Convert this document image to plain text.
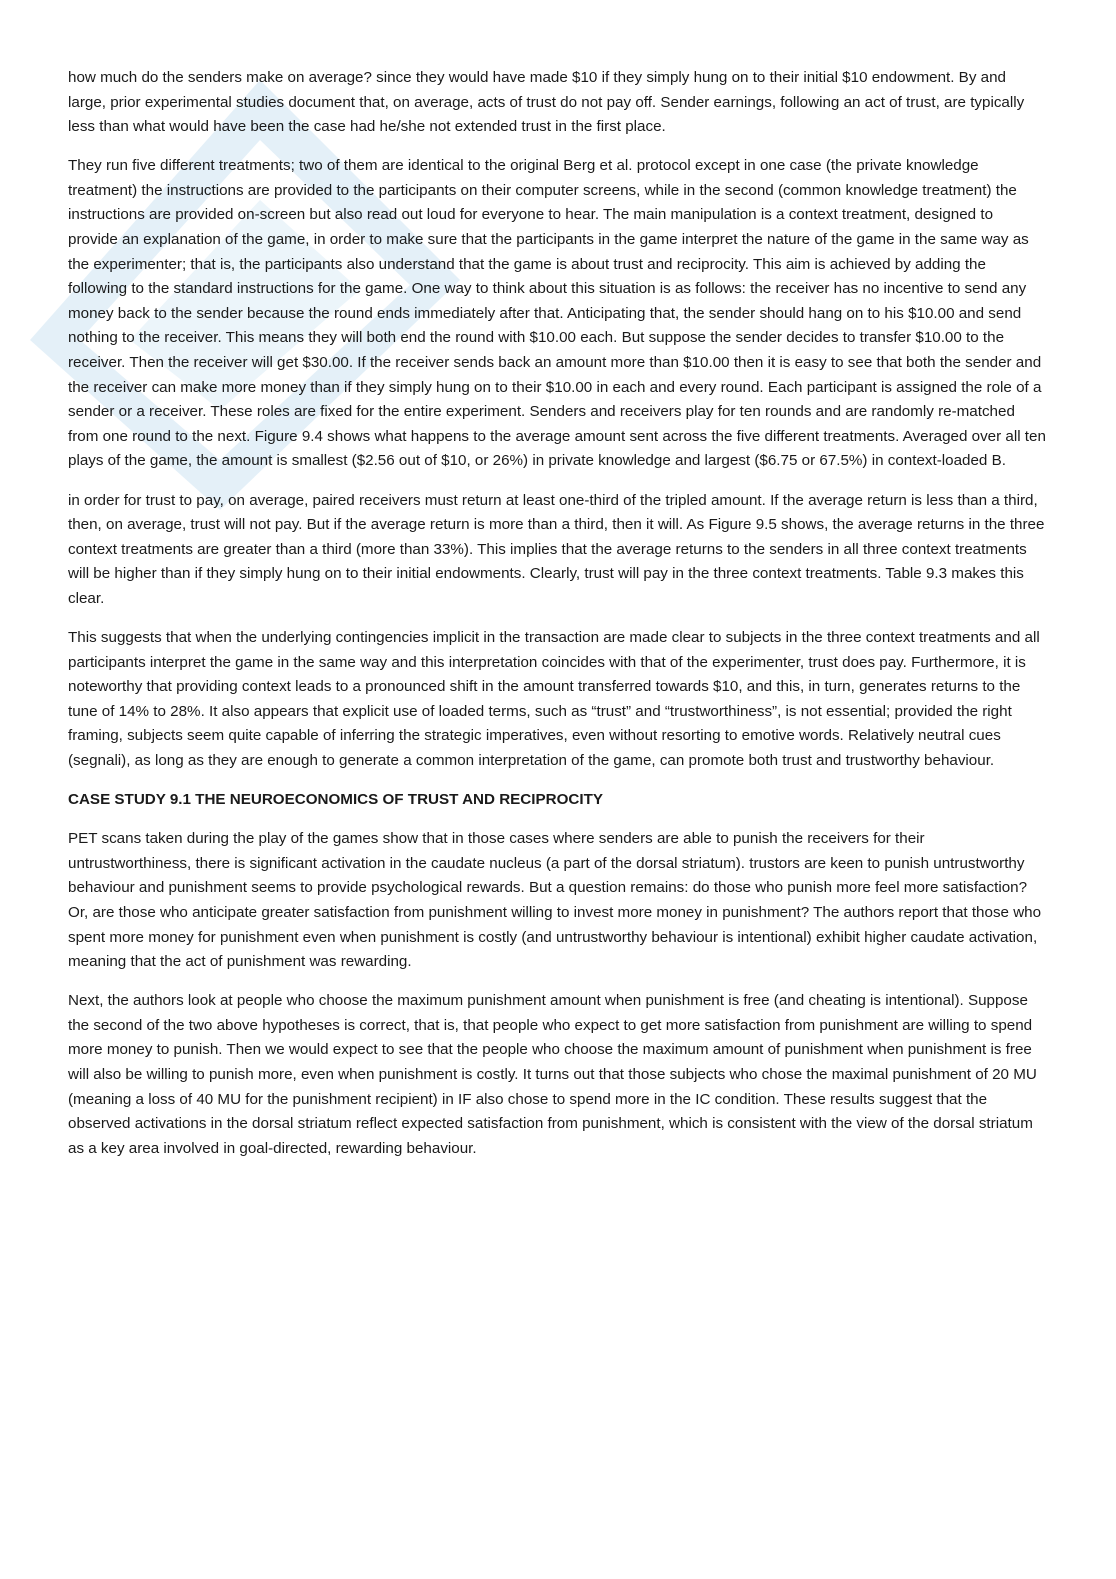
how much do the senders make on average? since they would have made $10 if they simply hung on to their initial $10 endowment. By and large, prior experimental studies document that, on average, acts of trust do not pay off. Sender earnings, following an act of trust, are typically less than what would have been the case had he/she not extended trust in the first place.

They run five different treatments; two of them are identical to the original Berg et al. protocol except in one case (the private knowledge treatment) the instructions are provided to the participants on their computer screens, while in the second (common knowledge treatment) the instructions are provided on-screen but also read out loud for everyone to hear. The main manipulation is a context treatment, designed to provide an explanation of the game, in order to make sure that the participants in the game interpret the nature of the game in the same way as the experimenter; that is, the participants also understand that the game is about trust and reciprocity. This aim is achieved by adding the following to the standard instructions for the game. One way to think about this situation is as follows: the receiver has no incentive to send any money back to the sender because the round ends immediately after that. Anticipating that, the sender should hang on to his $10.00 and send nothing to the receiver. This means they will both end the round with $10.00 each. But suppose the sender decides to transfer $10.00 to the receiver. Then the receiver will get $30.00. If the receiver sends back an amount more than $10.00 then it is easy to see that both the sender and the receiver can make more money than if they simply hung on to their $10.00 in each and every round. Each participant is assigned the role of a sender or a receiver. These roles are fixed for the entire experiment. Senders and receivers play for ten rounds and are randomly re-matched from one round to the next. Figure 9.4 shows what happens to the average amount sent across the five different treatments. Averaged over all ten plays of the game, the amount is smallest ($2.56 out of $10, or 26%) in private knowledge and largest ($6.75 or 67.5%) in context-loaded B.

in order for trust to pay, on average, paired receivers must return at least one-third of the tripled amount. If the average return is less than a third, then, on average, trust will not pay. But if the average return is more than a third, then it will. As Figure 9.5 shows, the average returns in the three context treatments are greater than a third (more than 33%). This implies that the average returns to the senders in all three context treatments will be higher than if they simply hung on to their initial endowments. Clearly, trust will pay in the three context treatments. Table 9.3 makes this clear.

This suggests that when the underlying contingencies implicit in the transaction are made clear to subjects in the three context treatments and all participants interpret the game in the same way and this interpretation coincides with that of the experimenter, trust does pay. Furthermore, it is noteworthy that providing context leads to a pronounced shift in the amount transferred towards $10, and this, in turn, generates returns to the tune of 14% to 28%. It also appears that explicit use of loaded terms, such as “trust” and “trustworthiness”, is not essential; provided the right framing, subjects seem quite capable of inferring the strategic imperatives, even without resorting to emotive words. Relatively neutral cues (segnali), as long as they are enough to generate a common interpretation of the game, can promote both trust and trustworthy behaviour.

CASE STUDY 9.1 THE NEUROECONOMICS OF TRUST AND RECIPROCITY

PET scans taken during the play of the games show that in those cases where senders are able to punish the receivers for their untrustworthiness, there is significant activation in the caudate nucleus (a part of the dorsal striatum). trustors are keen to punish untrustworthy behaviour and punishment seems to provide psychological rewards. But a question remains: do those who punish more feel more satisfaction? Or, are those who anticipate greater satisfaction from punishment willing to invest more money in punishment? The authors report that those who spent more money for punishment even when punishment is costly (and untrustworthy behaviour is intentional) exhibit higher caudate activation, meaning that the act of punishment was rewarding.

Next, the authors look at people who choose the maximum punishment amount when punishment is free (and cheating is intentional). Suppose the second of the two above hypotheses is correct, that is, that people who expect to get more satisfaction from punishment are willing to spend more money to punish. Then we would expect to see that the people who choose the maximum amount of punishment when punishment is free will also be willing to punish more, even when punishment is costly. It turns out that those subjects who chose the maximal punishment of 20 MU (meaning a loss of 40 MU for the punishment recipient) in IF also chose to spend more in the IC condition. These results suggest that the observed activations in the dorsal striatum reflect expected satisfaction from punishment, which is consistent with the view of the dorsal striatum as a key area involved in goal-directed, rewarding behaviour.
